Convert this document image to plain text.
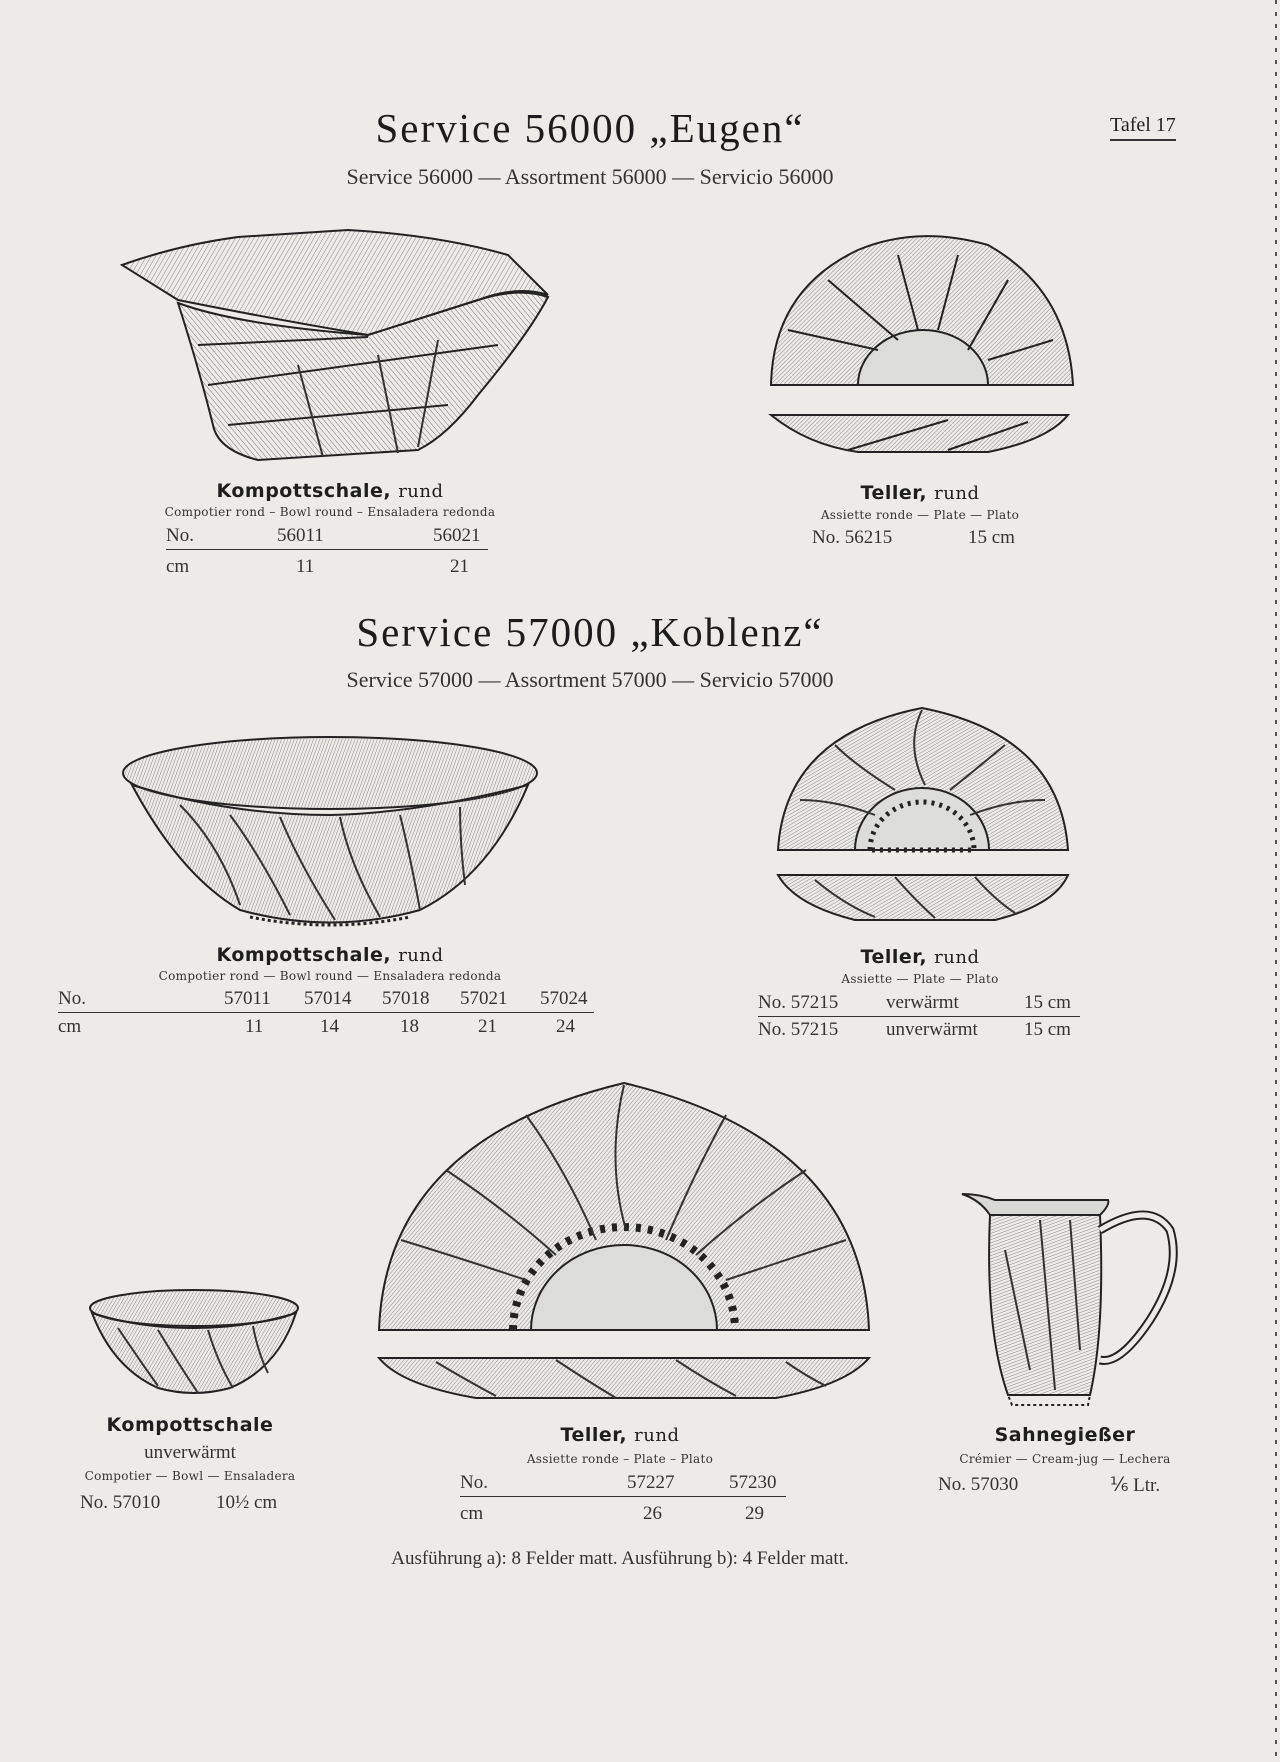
Service 56000 „Eugen“	Tafel 17
Service 56000 — Assortment 56000 — Servicio 56000
Kompottschale, rund
Compotier rond – Bowl round – Ensaladera redonda
No.	56011	56021
cm	11	21
Teller, rund
Assiette ronde — Plate — Plato
No. 56215	15 cm
Service 57000 „Koblenz“
Service 57000 — Assortment 57000 — Servicio 57000
Kompottschale, rund
Compotier rond — Bowl round — Ensaladera redonda
No.	57011 57014 57018 57021 57024
cm	11	14	18	21	24
Teller, rund
Assiette — Plate — Plato
No. 57215	verwärmt	15 cm
No. 57215	unverwärmt 15 cm
Kompottschale
unverwärmt
Compotier — Bowl — Ensaladera
No. 57010	10½ cm
Teller, rund
Assiette ronde – Plate – Plato
No.	57227	57230
cm	26	29
Sahnegießer
Crémier — Cream-jug — Lechera
No. 57030	⅙ Ltr.
Ausführung a): 8 Felder matt. Ausführung b): 4 Felder matt.
